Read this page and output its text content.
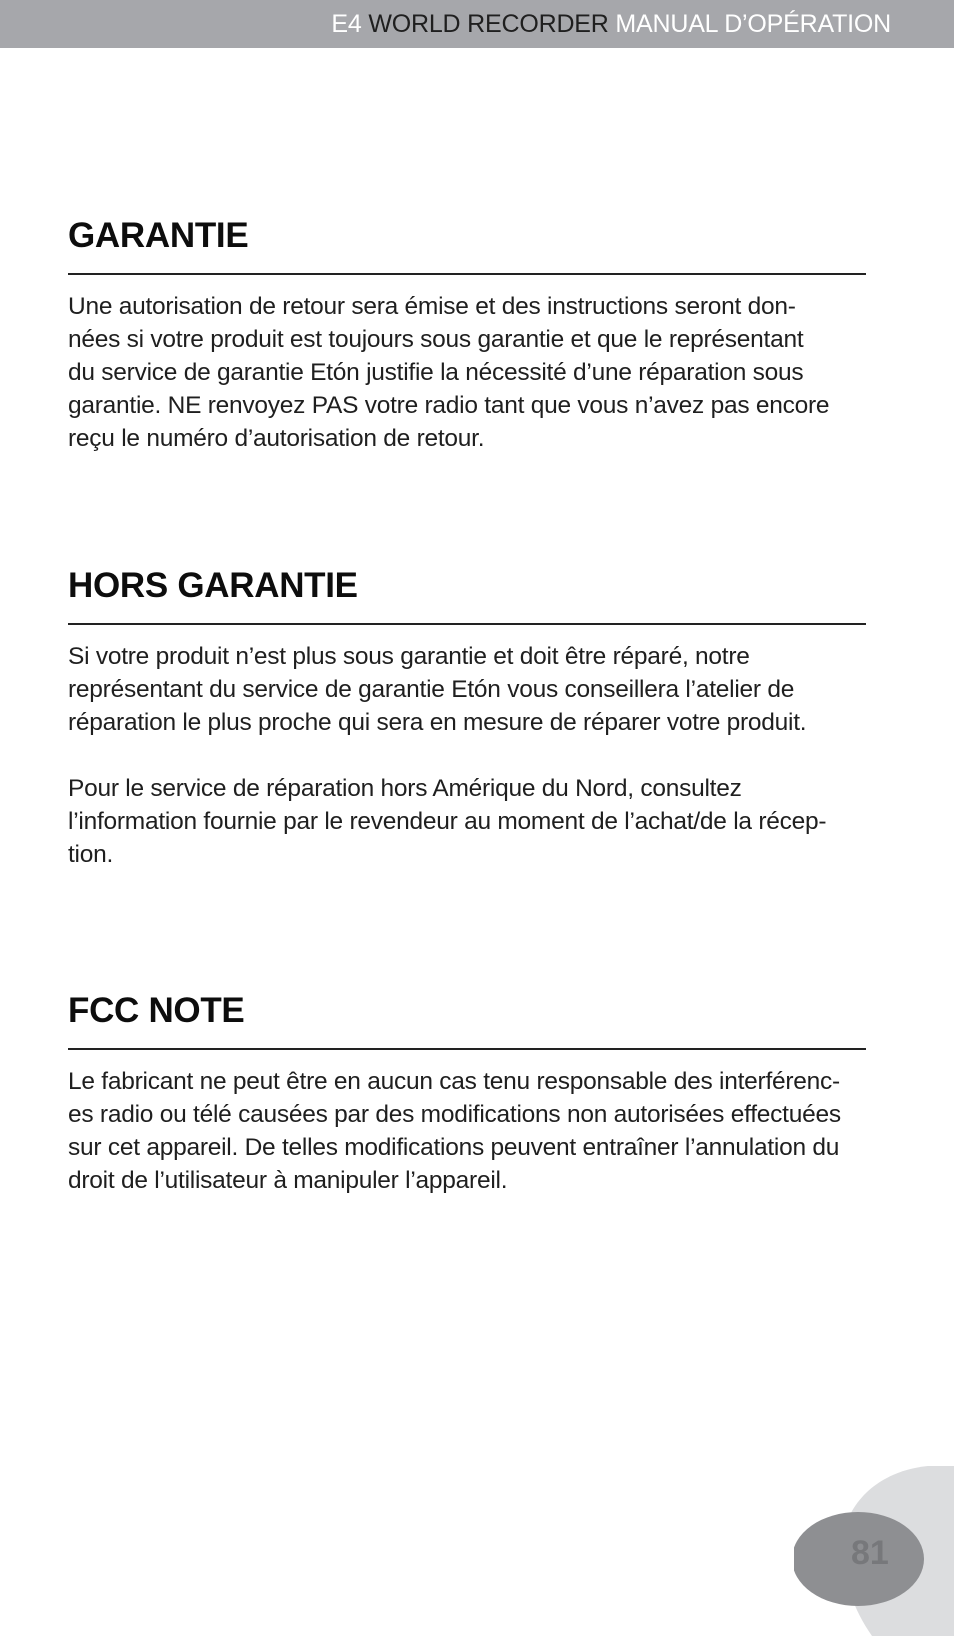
E4 WORLD RECORDER MANUAL D’OPÉRATION
GARANTIE

Une autorisation de retour sera émise et des instructions seront don-
nées si votre produit est toujours sous garantie et que le représentant
du service de garantie Etón justifie la nécessité d’une réparation sous
garantie. NE renvoyez PAS votre radio tant que vous n’avez pas encore
reçu le numéro d’autorisation de retour.

HORS GARANTIE

Si votre produit n’est plus sous garantie et doit être réparé, notre
représentant du service de garantie Etón vous conseillera l’atelier de
réparation le plus proche qui sera en mesure de réparer votre produit.

Pour le service de réparation hors Amérique du Nord, consultez
l’information fournie par le revendeur au moment de l’achat/de la récep-
tion.

FCC NOTE

Le fabricant ne peut être en aucun cas tenu responsable des interférenc-
es radio ou télé causées par des modifications non autorisées effectuées
sur cet appareil. De telles modifications peuvent entraîner l’annulation du
droit de l’utilisateur à manipuler l’appareil.

81
